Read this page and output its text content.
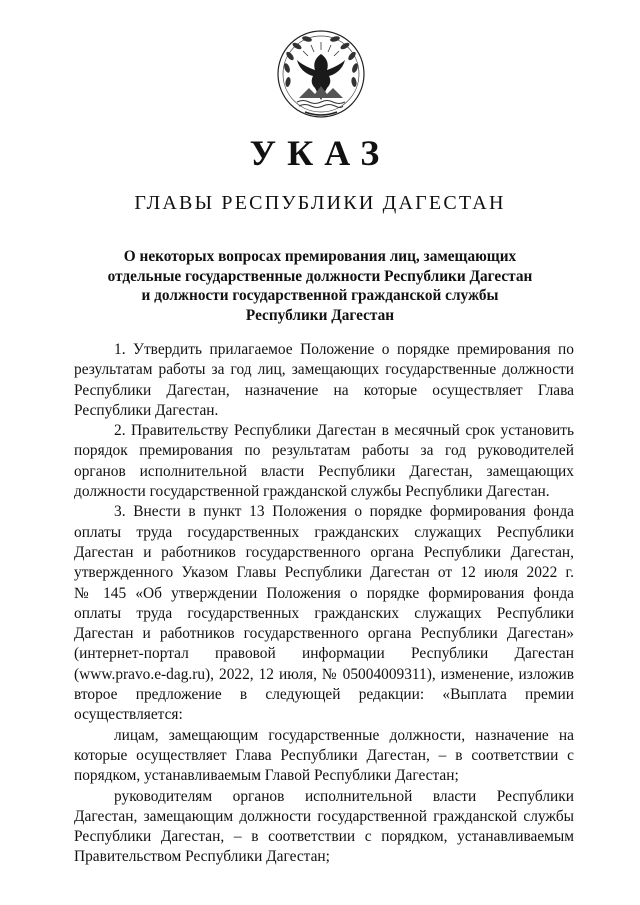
УКАЗ
ГЛАВЫ РЕСПУБЛИКИ ДАГЕСТАН
О некоторых вопросах премирования лиц, замещающих
отдельные государственные должности Республики Дагестан
и должности государственной гражданской службы
Республики Дагестан
1. Утвердить прилагаемое Положение о порядке премирования по
результатам работы за год лиц, замещающих государственные должности
Республики Дагестан, назначение на которые осуществляет Глава
Республики Дагестан.
2. Правительству Республики Дагестан в месячный срок установить
порядок премирования по результатам работы за год руководителей
органов исполнительной власти Республики Дагестан, замещающих
должности государственной гражданской службы Республики Дагестан.
3. Внести в пункт 13 Положения о порядке формирования фонда
оплаты труда государственных гражданских служащих Республики
Дагестан и работников государственного органа Республики Дагестан,
утвержденного Указом Главы Республики Дагестан от 12 июля 2022 г.
№ 145 «Об утверждении Положения о порядке формирования фонда
оплаты труда государственных гражданских служащих Республики
Дагестан и работников государственного органа Республики Дагестан»
(интернет-портал правовой информации Республики Дагестан
(www.pravo.e-dag.ru), 2022, 12 июля, № 05004009311), изменение, изложив
второе предложение в следующей редакции: «Выплата премии
осуществляется:
лицам, замещающим государственные должности, назначение на
которые осуществляет Глава Республики Дагестан, – в соответствии с
порядком, устанавливаемым Главой Республики Дагестан;
руководителям органов исполнительной власти Республики
Дагестан, замещающим должности государственной гражданской службы
Республики Дагестан, – в соответствии с порядком, устанавливаемым
Правительством Республики Дагестан;
